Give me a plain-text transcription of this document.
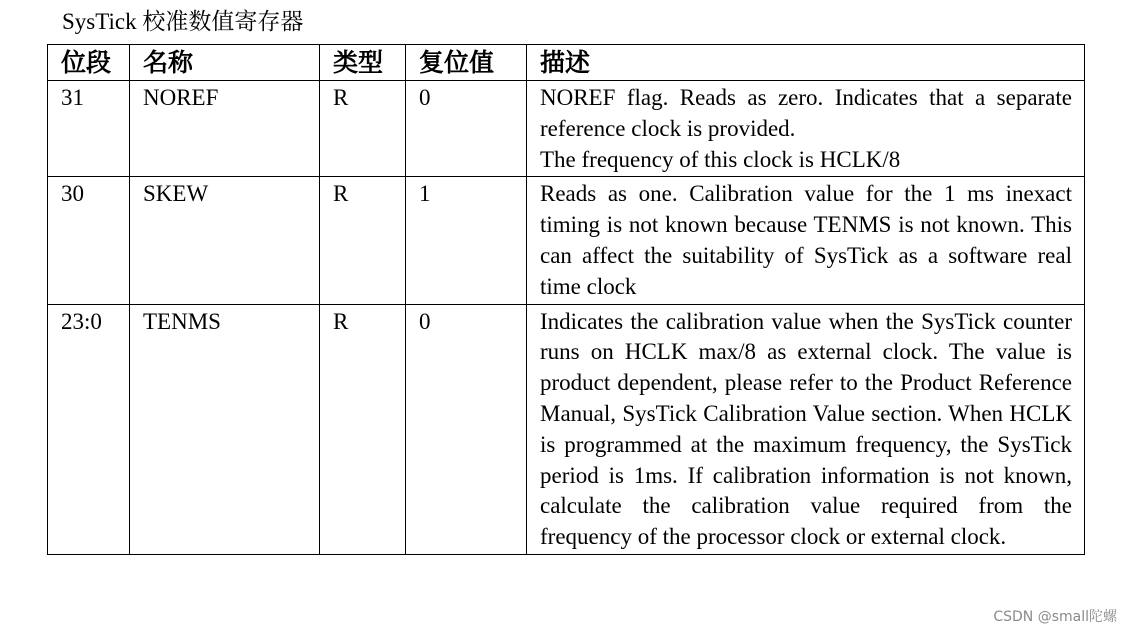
SysTick 校准数值寄存器
位段	名称	类型	复位值	描述
31	NOREF	R	0	NOREF flag. Reads as zero. Indicates that a separate reference clock is provided.
The frequency of this clock is HCLK/8

30	SKEW	R	1	Reads as one. Calibration value for the 1 ms inexact timing is not known because TENMS is not known. This can affect the suitability of SysTick as a software real time clock

23:0	TENMS	R	0	Indicates the calibration value when the SysTick counter runs on HCLK max/8 as external clock. The value is product dependent, please refer to the Product Reference Manual, SysTick Calibration Value section. When HCLK is programmed at the maximum frequency, the SysTick period is 1ms. If calibration information is not known, calculate the calibration value required from the frequency of the processor clock or external clock.
CSDN @small陀螺
